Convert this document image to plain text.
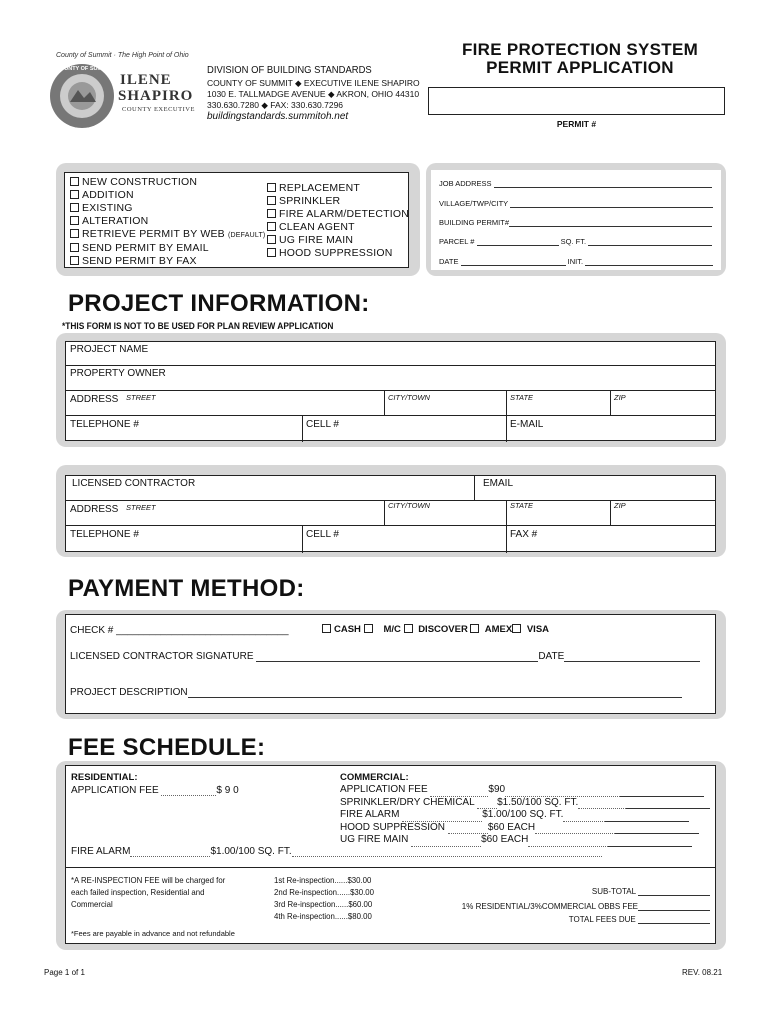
County of Summit · The High Point of Ohio
COUNTY OF SUMMIT
ILENE
SHAPIRO
COUNTY EXECUTIVE
DIVISION OF BUILDING STANDARDS
COUNTY OF SUMMIT ◆ EXECUTIVE ILENE SHAPIRO
1030 E. TALLMADGE AVENUE ◆ AKRON, OHIO 44310
330.630.7280 ◆ FAX: 330.630.7296
buildingstandards.summitoh.net
FIRE PROTECTION SYSTEM
PERMIT APPLICATION
PERMIT #
NEW CONSTRUCTION
ADDITION
EXISTING
ALTERATION
RETRIEVE PERMIT BY WEB (DEFAULT)
SEND PERMIT BY EMAIL
SEND PERMIT BY FAX
REPLACEMENT
SPRINKLER
FIRE ALARM/DETECTION
CLEAN AGENT
UG FIRE MAIN
HOOD SUPPRESSION
JOB ADDRESS
VILLAGE/TWP/CITY
BUILDING PERMIT#
PARCEL #	SQ. FT.
DATE	INIT.
PROJECT INFORMATION:
*THIS FORM IS NOT TO BE USED FOR PLAN REVIEW APPLICATION
PROJECT NAME
PROPERTY OWNER
ADDRESS STREET	CITY/TOWN	STATE	ZIP
TELEPHONE #	CELL #	E-MAIL
LICENSED CONTRACTOR	EMAIL
ADDRESS STREET	CITY/TOWN	STATE	ZIP
TELEPHONE #	CELL #	FAX #
PAYMENT METHOD:
CHECK # _______________________________	CASH M/C DISCOVER AMEX VISA
LICENSED CONTRACTOR SIGNATURE	DATE
PROJECT DESCRIPTION
FEE SCHEDULE:
RESIDENTIAL:
APPLICATION FEE	$ 9 0
COMMERCIAL:
APPLICATION FEE	$90
SPRINKLER/DRY CHEMICAL $1.50/100 SQ. FT.
FIRE ALARM	$1.00/100 SQ. FT.
HOOD SUPPRESSION	$60 EACH
UG FIRE MAIN	$60 EACH
FIRE ALARM	$1.00/100 SQ. FT.
*A RE-INSPECTION FEE will be charged for each failed inspection, Residential and Commercial
1st Re-inspection......$30.00
2nd Re-inspection......$30.00
3rd Re-inspection......$60.00
4th Re-inspection......$80.00
*Fees are payable in advance and not refundable
SUB-TOTAL
1% RESIDENTIAL/3%COMMERCIAL OBBS FEE
TOTAL FEES DUE
Page 1 of 1	REV. 08.21
